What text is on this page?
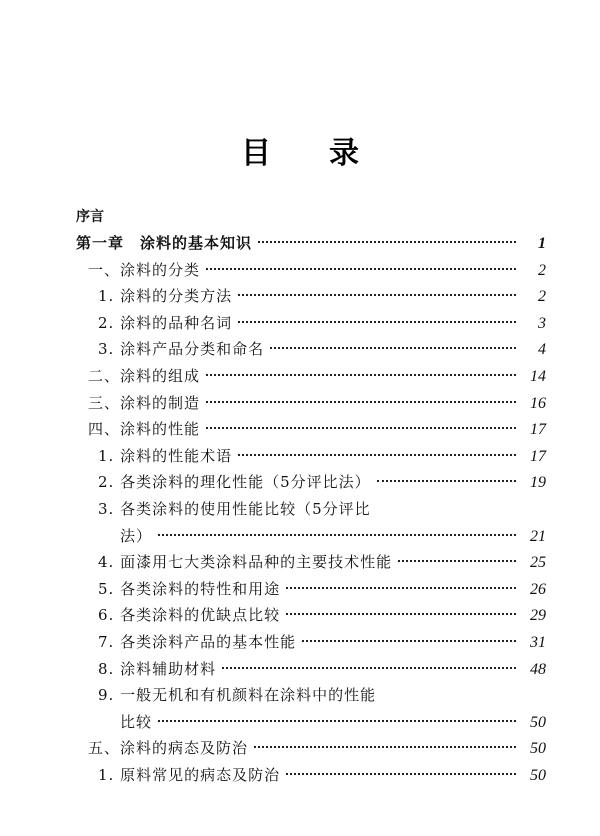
目录
序言
第一章　涂料的基本知识	1
一、涂料的分类	2
1. 涂料的分类方法	2
2. 涂料的品种名词	3
3. 涂料产品分类和命名	4
二、涂料的组成	14
三、涂料的制造	16
四、涂料的性能	17
1. 涂料的性能术语	17
2. 各类涂料的理化性能（5分评比法）	19
3. 各类涂料的使用性能比较（5分评比
法）	21
4. 面漆用七大类涂料品种的主要技术性能	25
5. 各类涂料的特性和用途	26
6. 各类涂料的优缺点比较	29
7. 各类涂料产品的基本性能	31
8. 涂料辅助材料	48
9. 一般无机和有机颜料在涂料中的性能
比较	50
五、涂料的病态及防治	50
1. 原料常见的病态及防治	50
